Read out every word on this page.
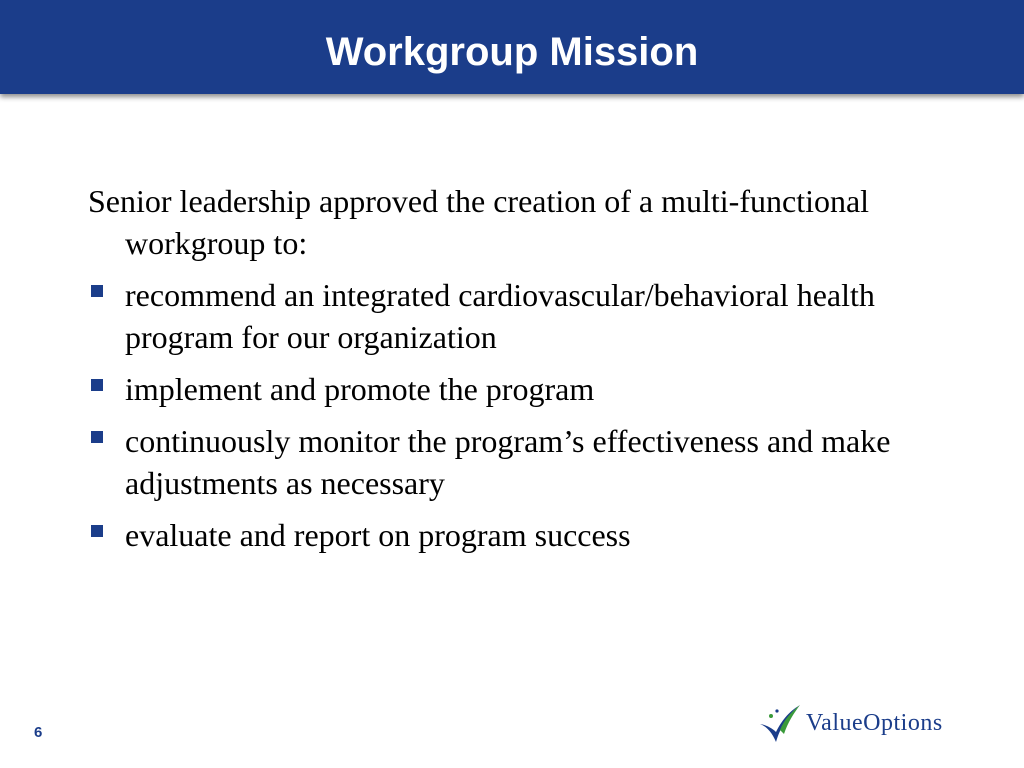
Workgroup Mission

Senior leadership approved the creation of a multi-functional workgroup to:

recommend an integrated cardiovascular/behavioral health program for our organization
implement and promote the program
continuously monitor the program’s effectiveness and make adjustments as necessary
evaluate and report on program success
6	ValueOptions
